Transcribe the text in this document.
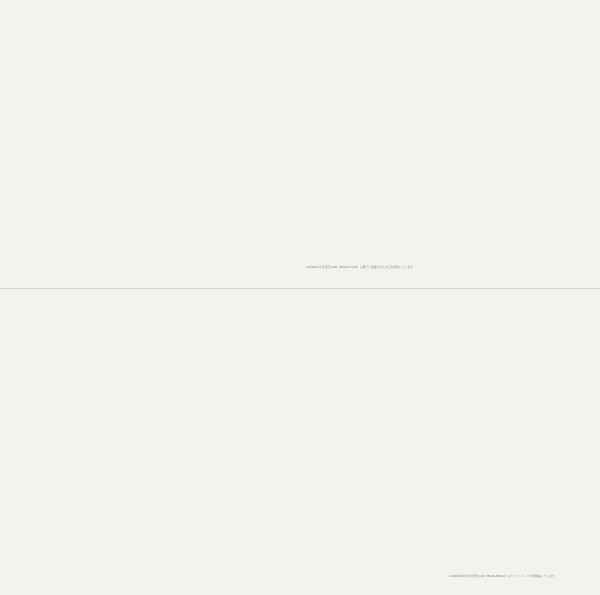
※2006年12月発売のCD（BVCK-37118）の冊子に掲載された文章を再掲しています
※1999年8月25日発売のCD（BVCK-38010）のライナーノーツを再掲載しています
